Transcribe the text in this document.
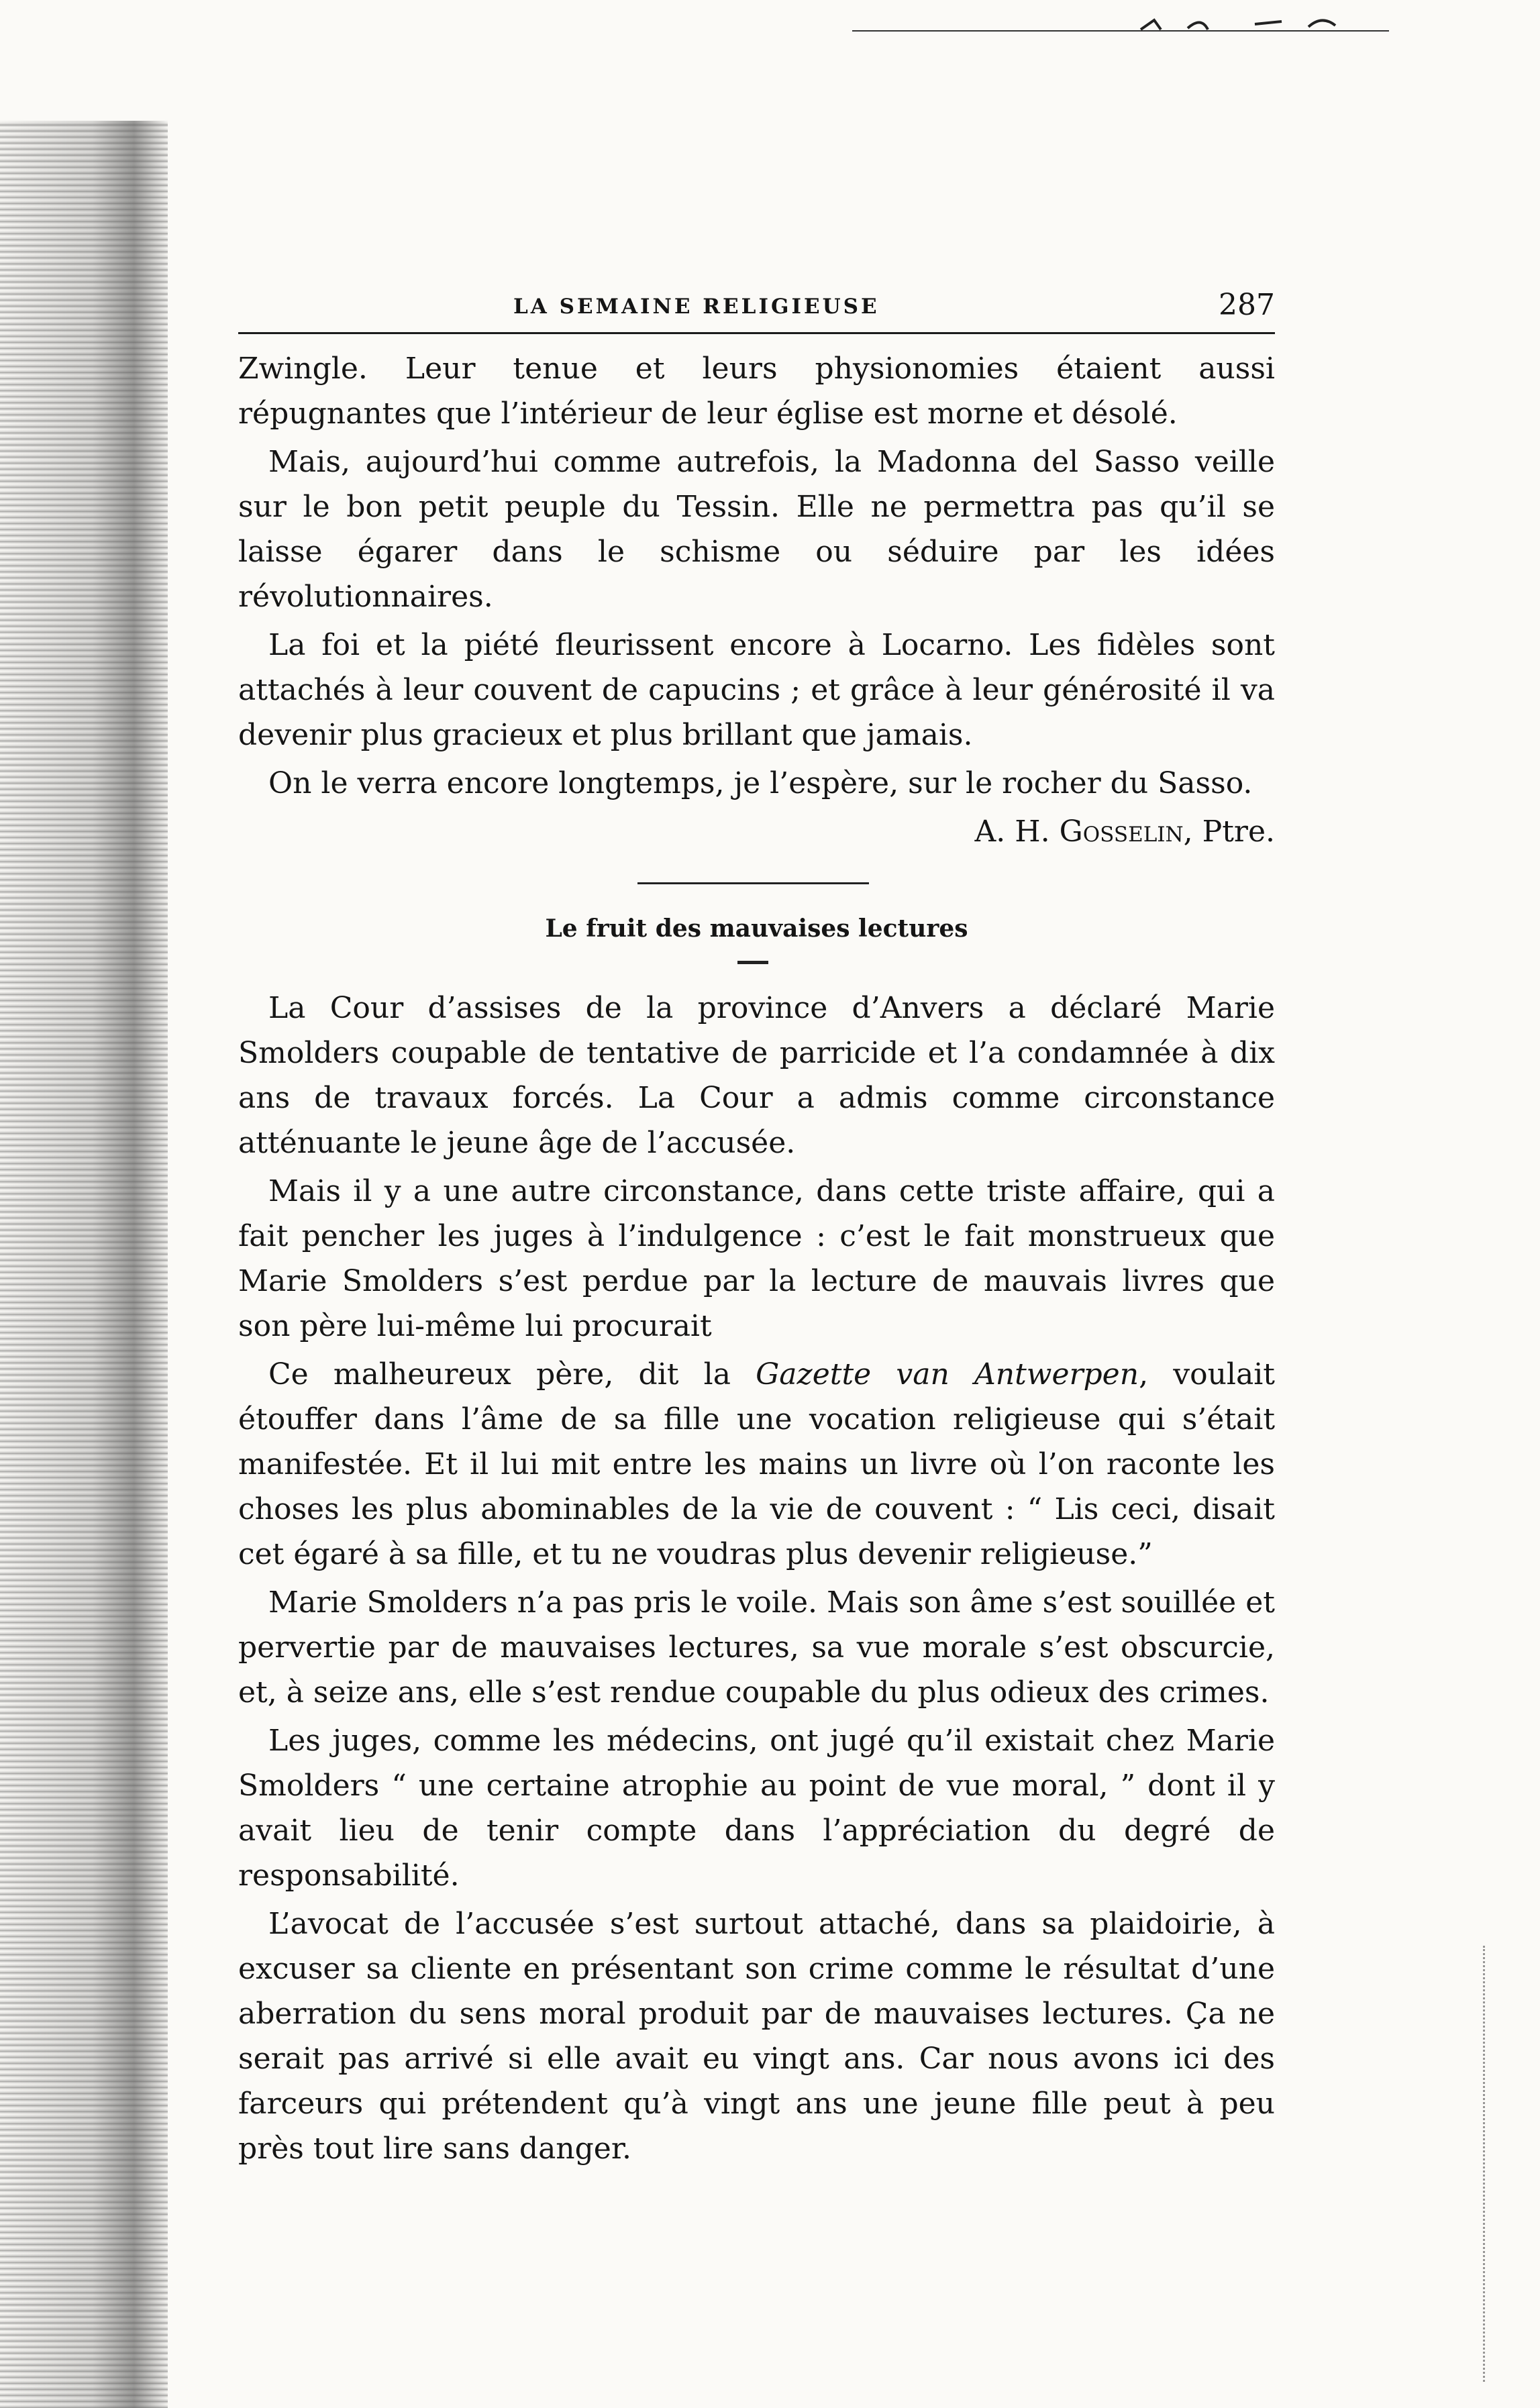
LA SEMAINE RELIGIEUSE	287

Zwingle. Leur tenue et leurs physionomies étaient aussi répugnantes que l’intérieur de leur église est morne et désolé.

Mais, aujourd’hui comme autrefois, la Madonna del Sasso veille sur le bon petit peuple du Tessin. Elle ne permettra pas qu’il se laisse égarer dans le schisme ou séduire par les idées révolutionnaires.

La foi et la piété fleurissent encore à Locarno. Les fidèles sont attachés à leur couvent de capucins ; et grâce à leur générosité il va devenir plus gracieux et plus brillant que jamais.

On le verra encore longtemps, je l’espère, sur le rocher du Sasso.

A. H. Gosselin, Ptre.
Le fruit des mauvaises lectures

La Cour d’assises de la province d’Anvers a déclaré Marie Smolders coupable de tentative de parricide et l’a condamnée à dix ans de travaux forcés. La Cour a admis comme circonstance atténuante le jeune âge de l’accusée.

Mais il y a une autre circonstance, dans cette triste affaire, qui a fait pencher les juges à l’indulgence : c’est le fait monstrueux que Marie Smolders s’est perdue par la lecture de mauvais livres que son père lui-même lui procurait

Ce malheureux père, dit la Gazette van Antwerpen, voulait étouffer dans l’âme de sa fille une vocation religieuse qui s’était manifestée. Et il lui mit entre les mains un livre où l’on raconte les choses les plus abominables de la vie de couvent : “ Lis ceci, disait cet égaré à sa fille, et tu ne voudras plus devenir religieuse.”

Marie Smolders n’a pas pris le voile. Mais son âme s’est souillée et pervertie par de mauvaises lectures, sa vue morale s’est obscurcie, et, à seize ans, elle s’est rendue coupable du plus odieux des crimes.

Les juges, comme les médecins, ont jugé qu’il existait chez Marie Smolders “ une certaine atrophie au point de vue moral, ” dont il y avait lieu de tenir compte dans l’appréciation du degré de responsabilité.

L’avocat de l’accusée s’est surtout attaché, dans sa plaidoirie, à excuser sa cliente en présentant son crime comme le résultat d’une aberration du sens moral produit par de mauvaises lectures. Ça ne serait pas arrivé si elle avait eu vingt ans. Car nous avons ici des farceurs qui prétendent qu’à vingt ans une jeune fille peut à peu près tout lire sans danger.
